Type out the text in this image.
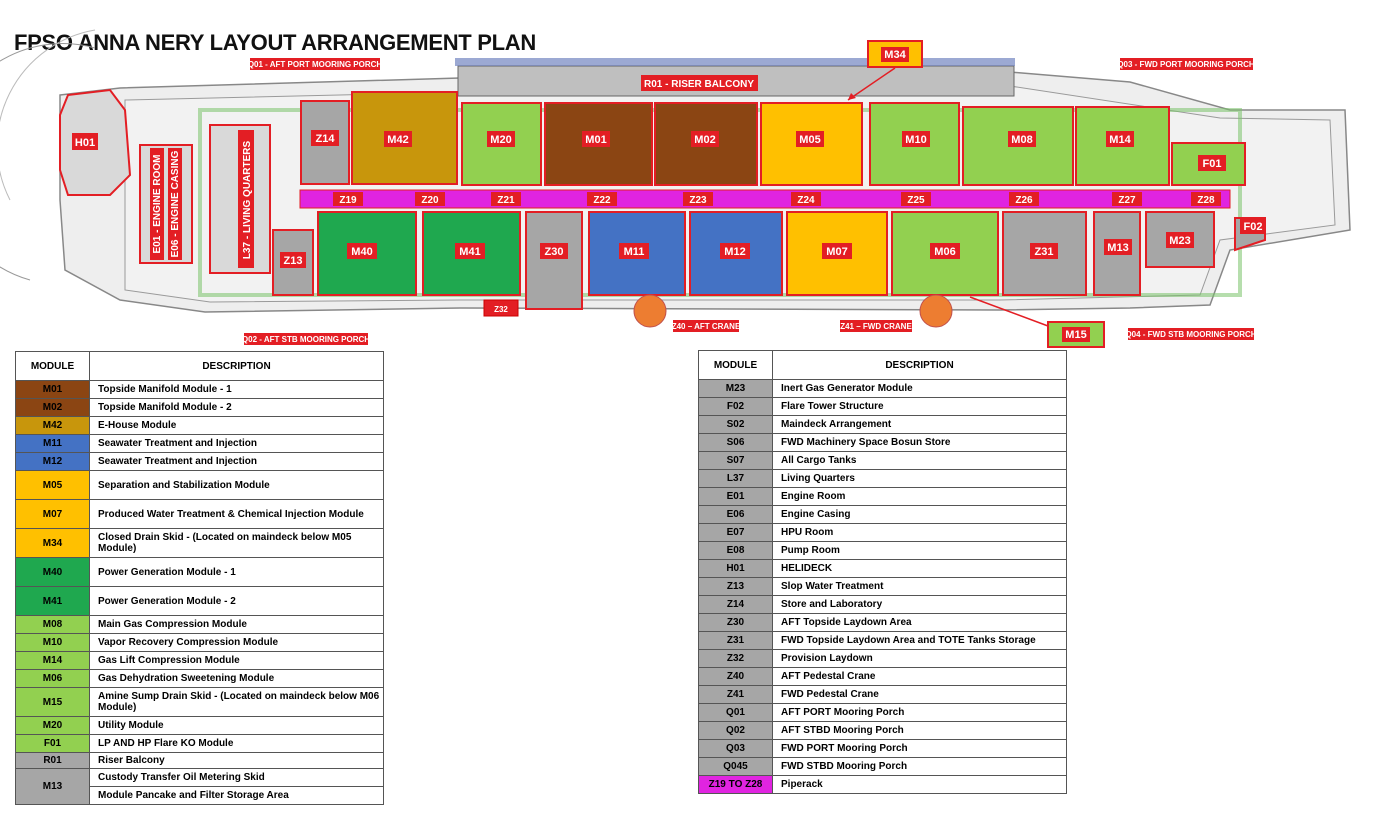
FPSO ANNA NERY LAYOUT ARRANGEMENT PLAN
H01
E01 - ENGINE ROOM E06 - ENGINE CASING	L37 - LIVING QUARTERS
Z14	M42	M20	M01	M02	M05	M10	M08	M14
F01
Z19	Z20	Z21	Z22	Z23	Z24	Z25	Z26	Z27	Z28
Z13
M40	M41	Z30	M11	M12	M07	M06	Z31	M13
M23
F02
Z32
M34
M15
R01 - RISER BALCONY
Z40 – AFT CRANE	Z41 – FWD CRANE
Q01 - AFT PORT MOORING PORCH
Q02 - AFT STB MOORING PORCH
Q03 - FWD PORT MOORING PORCH
Q04 - FWD STB MOORING PORCH
MODULE	DESCRIPTION
M01	Topside Manifold Module - 1
M02	Topside Manifold Module - 2
M42	E-House Module
M11	Seawater Treatment and Injection
M12	Seawater Treatment and Injection
M05	Separation and Stabilization Module
M07	Produced Water Treatment & Chemical Injection Module
M34	Closed Drain Skid - (Located on maindeck below M05 Module)
M40	Power Generation Module - 1
M41	Power Generation Module - 2
M08	Main Gas Compression Module
M10	Vapor Recovery Compression Module
M14	Gas Lift Compression Module
M06	Gas Dehydration Sweetening Module
M15	Amine Sump Drain Skid - (Located on maindeck below M06 Module)
M20	Utility Module
F01	LP AND HP Flare KO Module
R01	Riser Balcony
M13	Custody Transfer Oil Metering Skid
	Module Pancake and Filter Storage Area
MODULE	DESCRIPTION
M23	Inert Gas Generator Module
F02	Flare Tower Structure
S02	Maindeck Arrangement
S06	FWD Machinery Space Bosun Store
S07	All Cargo Tanks
L37	Living Quarters
E01	Engine Room
E06	Engine Casing
E07	HPU Room
E08	Pump Room
H01	HELIDECK
Z13	Slop Water Treatment
Z14	Store and Laboratory
Z30	AFT Topside Laydown Area
Z31	FWD Topside Laydown Area and TOTE Tanks Storage
Z32	Provision Laydown
Z40	AFT Pedestal Crane
Z41	FWD Pedestal Crane
Q01	AFT PORT Mooring Porch
Q02	AFT STBD Mooring Porch
Q03	FWD PORT Mooring Porch
Q045	FWD STBD Mooring Porch
Z19 TO Z28	Piperack
